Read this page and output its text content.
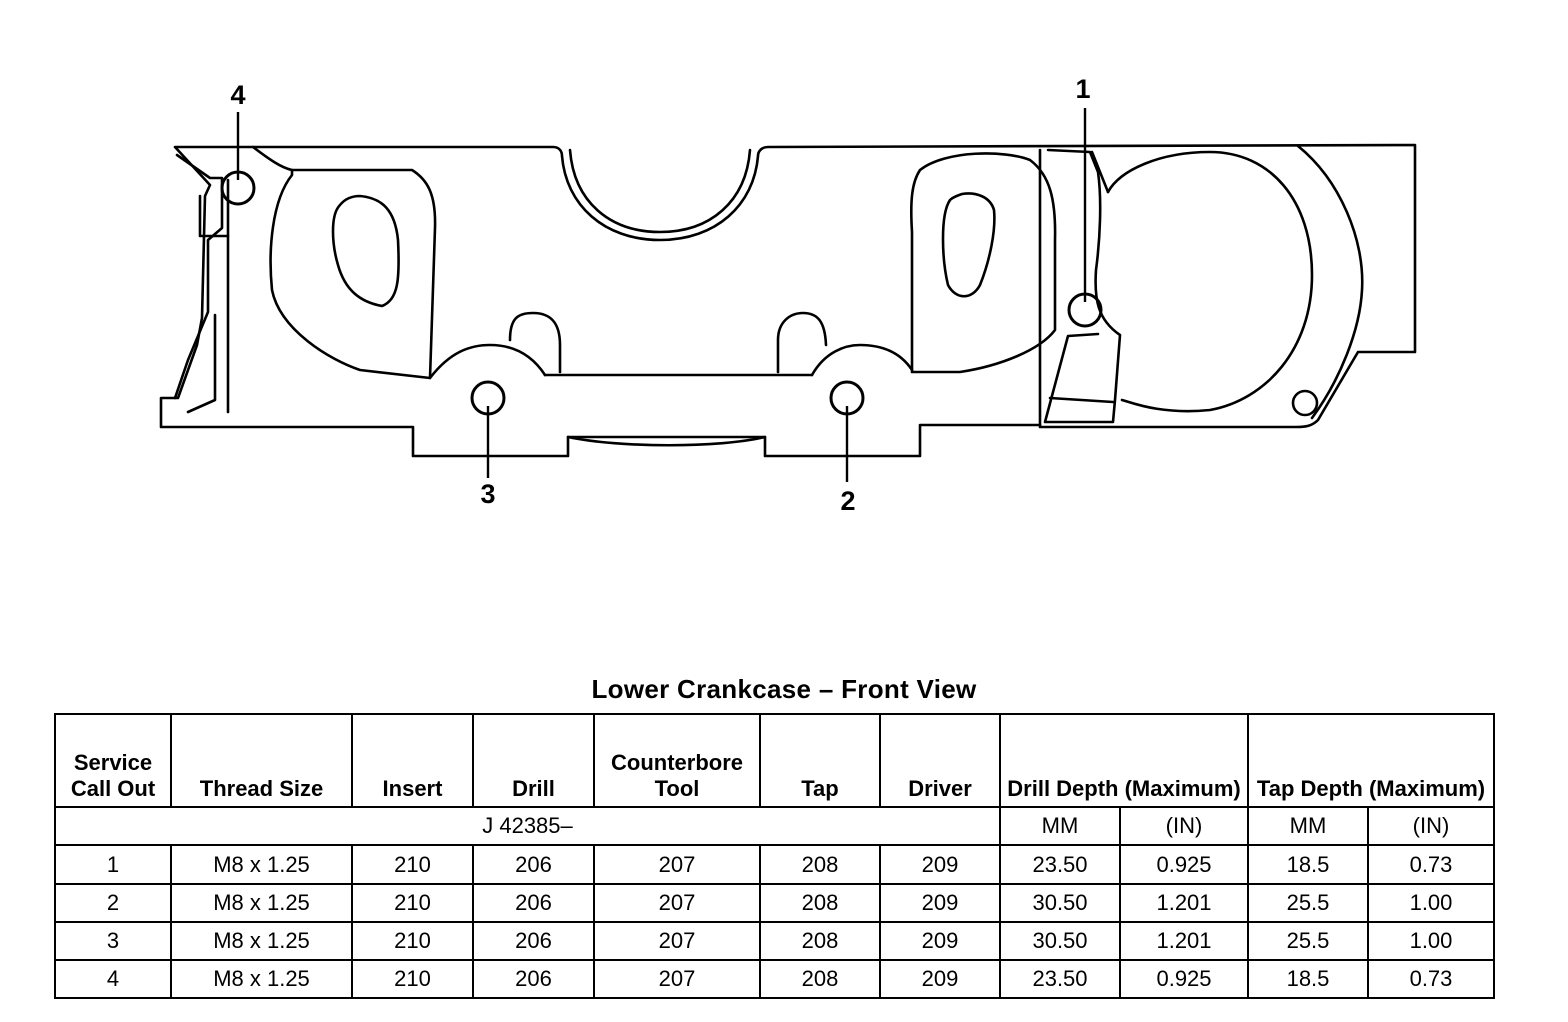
4	1
3	2
Lower Crankcase – Front View
Service Call Out	Thread Size	Insert	Drill	Counterbore Tool	Tap	Driver	Drill Depth (Maximum)		Tap Depth (Maximum)	
J 42385–							MM	(IN)	MM	(IN)
1	M8 x 1.25	210	206	207	208	209	23.50	0.925	18.5	0.73
2	M8 x 1.25	210	206	207	208	209	30.50	1.201	25.5	1.00
3	M8 x 1.25	210	206	207	208	209	30.50	1.201	25.5	1.00
4	M8 x 1.25	210	206	207	208	209	23.50	0.925	18.5	0.73
